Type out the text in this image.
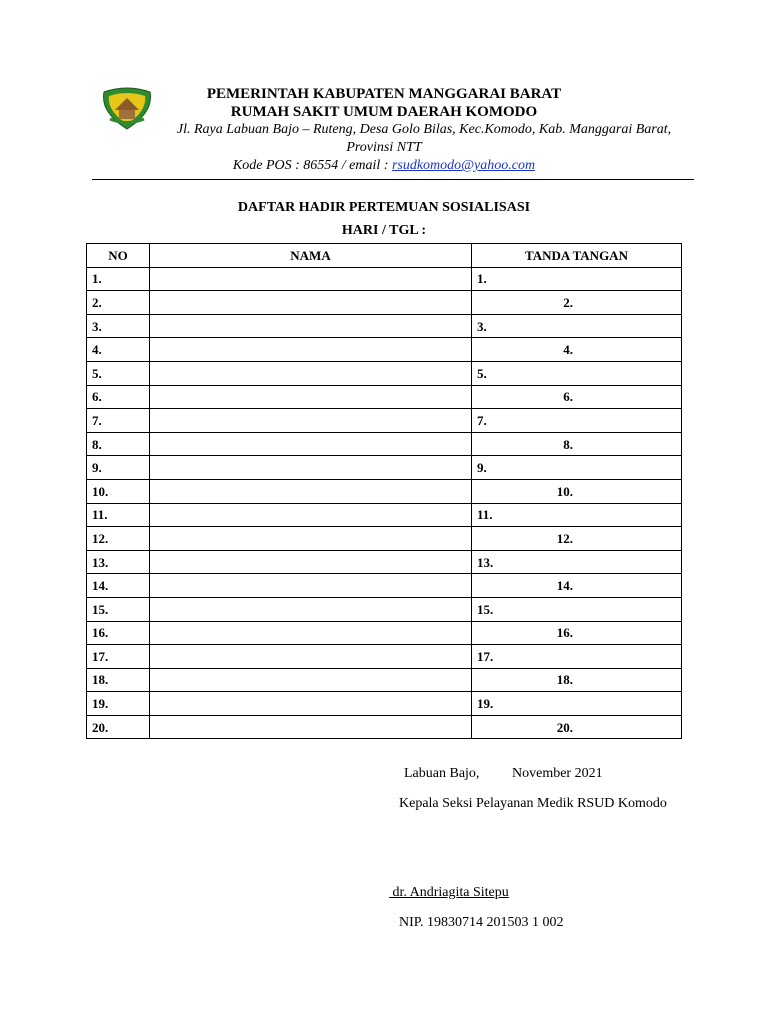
PEMERINTAH KABUPATEN MANGGARAI BARAT
RUMAH SAKIT UMUM DAERAH KOMODO
Jl. Raya Labuan Bajo – Ruteng, Desa Golo Bilas, Kec.Komodo, Kab. Manggarai Barat,
Provinsi NTT
Kode POS : 86554 / email : rsudkomodo@yahoo.com
DAFTAR HADIR PERTEMUAN SOSIALISASI
HARI / TGL :
NO	NAMA	TANDA TANGAN
1.		1.
2.		2.
3.		3.
4.		4.
5.		5.
6.		6.
7.		7.
8.		8.
9.		9.
10.		10.
11.		11.
12.		12.
13.		13.
14.		14.
15.		15.
16.		16.
17.		17.
18.		18.
19.		19.
20.		20.
Labuan Bajo, November 2021
Kepala Seksi Pelayanan Medik RSUD Komodo
dr. Andriagita Sitepu
NIP. 19830714 201503 1 002
